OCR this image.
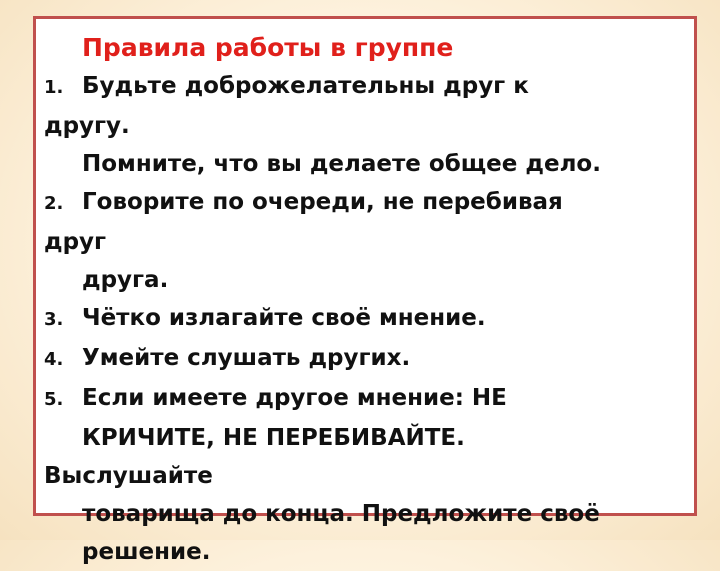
Правила работы в группе
1. Будьте доброжелательны друг к
другу.
Помните, что вы делаете общее дело.
2. Говорите по очереди, не перебивая
друг
друга.
3. Чётко излагайте своё мнение.
4. Умейте слушать других.
5. Если имеете другое мнение: НЕ
КРИЧИТЕ, НЕ ПЕРЕБИВАЙТЕ.
Выслушайте
товарища до конца. Предложите своё
решение.
